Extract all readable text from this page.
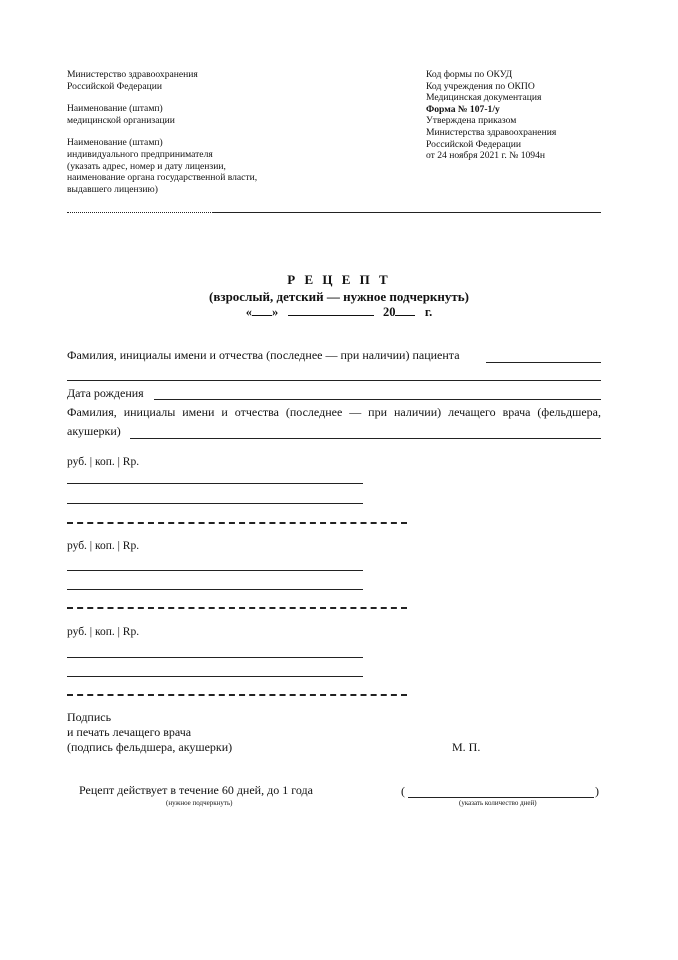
Министерство здравоохранения
Российской Федерации
Наименование (штамп)
медицинской организации
Наименование (штамп)
индивидуального предпринимателя
(указать адрес, номер и дату лицензии,
наименование органа государственной власти,
выдавшего лицензию)
Код формы по ОКУД
Код учреждения по ОКПО
Медицинская документация
Форма № 107-1/у
Утверждена приказом
Министерства здравоохранения
Российской Федерации
от 24 ноября 2021 г. № 1094н
Р Е Ц Е П Т
(взрослый, детский — нужное подчеркнуть)
« »	20 г.
Фамилия, инициалы имени и отчества (последнее — при наличии) пациента
Дата рождения
Фамилия, инициалы имени и отчества (последнее — при наличии) лечащего врача (фельдшера,
акушерки)
руб. | коп. | Rp.
руб. | коп. | Rp.
руб. | коп. | Rp.
Подпись
и печать лечащего врача
(подпись фельдшера, акушерки)	М. П.
Рецепт действует в течение 60 дней, до 1 года
(нужное подчеркнуть)
(	)
(указать количество дней)
